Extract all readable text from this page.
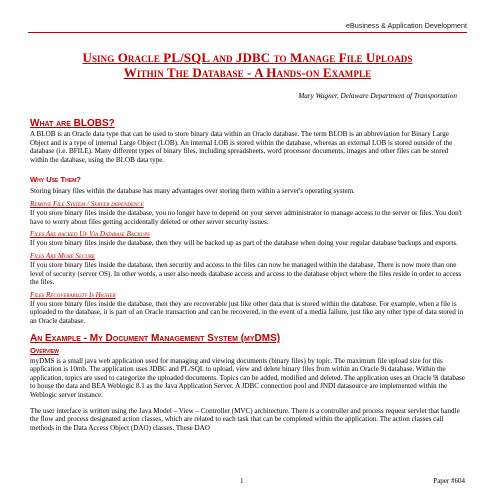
eBusiness & Application Development
Using Oracle PL/SQL and JDBC to Manage File Uploads
Within The Database - A Hands-on Example
Mary Wagner, Delaware Department of Transportation
What are BLOBS?

A BLOB is an Oracle data type that can be used to store binary data within an Oracle database. The term BLOB is an abbreviation for Binary Large Object and is a type of internal Large Object (LOB). An internal LOB is stored within the database, whereas an external LOB is stored outside of the database (i.e. BFILE). Many different types of binary files, including spreadsheets, word processor documents, images and other files can be stored within the database, using the BLOB data type.

Why Use Them?

Storing binary files within the database has many advantages over storing them within a server's operating system.

Remove File System / Server dependence

If you store binary files inside the database, you no longer have to depend on your server administrator to manage access to the server or files. You don't have to worry about files getting accidentally deleted or other server security issues.

Files Are backed Up Via Database Backups

If you store binary files inside the database, then they will be backed up as part of the database when doing your regular database backups and exports.

Files Are More Secure

If you store binary files inside the database, then security and access to the files can now be managed within the database. There is now more than one level of security (server OS). In other words, a user also needs database access and access to the database object where the files reside in order to access the files.

Files Recoverability Is Higher

If you store binary files inside the database, then they are recoverable just like other data that is stored within the database. For example, when a file is uploaded to the database, it is part of an Oracle transaction and can be recovered, in the event of a media failure, just like any other type of data stored in an Oracle database.

An Example - My Document Management System (myDMS)
Overview

myDMS is a small java web application used for managing and viewing documents (binary files) by topic. The maximum file upload size for this application is 10mb. The application uses JDBC and PL/SQL to upload, view and delete binary files from within an Oracle 9i database. Within the application, topics are used to categorize the uploaded documents. Topics can be added, modified and deleted. The application uses an Oracle 9i database to house the data and BEA Weblogic 8.1 as the Java Application Server. A JDBC connection pool and JNDI datasource are implemented within the Weblogic server instance.

The user interface is written using the Java Model – View – Controller (MVC) architecture. There is a controller and process request servlet that handle the flow and process designated action classes, which are related to each task that can be completed within the application. The action classes call methods in the Data Access Object (DAO) classes. These DAO

1	Paper #604
